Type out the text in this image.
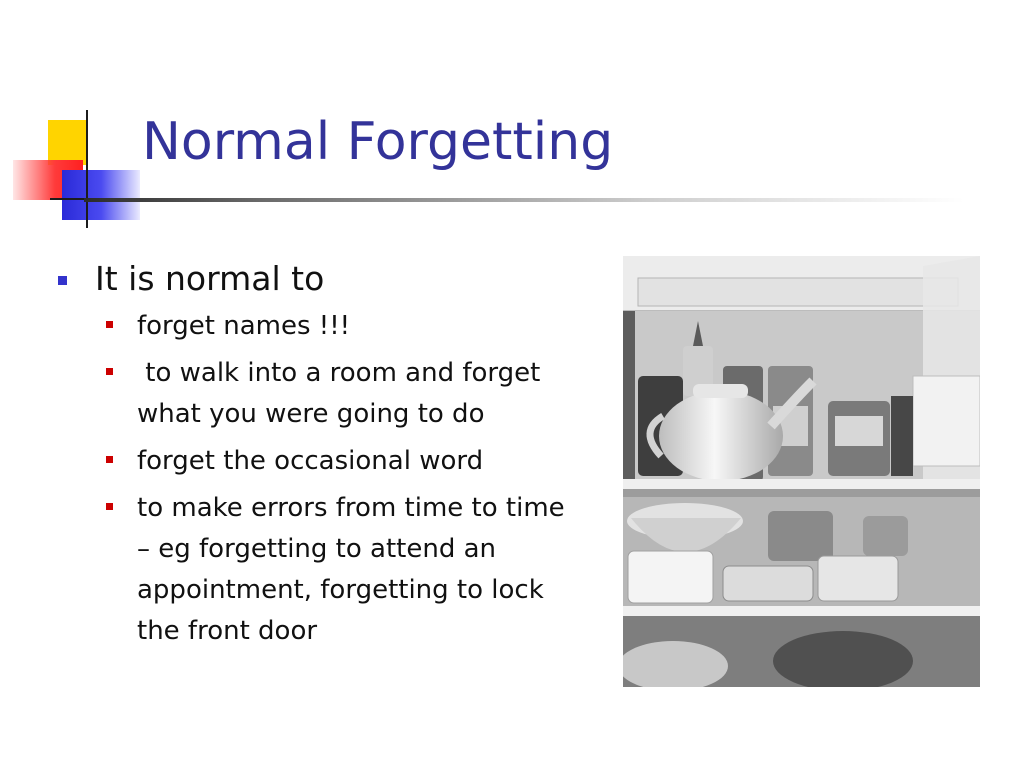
Normal Forgetting
It is normal to
forget names !!!
to walk into a room and forget what you were going to do
forget the occasional word
to make errors from time to time – eg forgetting to attend an appointment, forgetting to lock the front door
